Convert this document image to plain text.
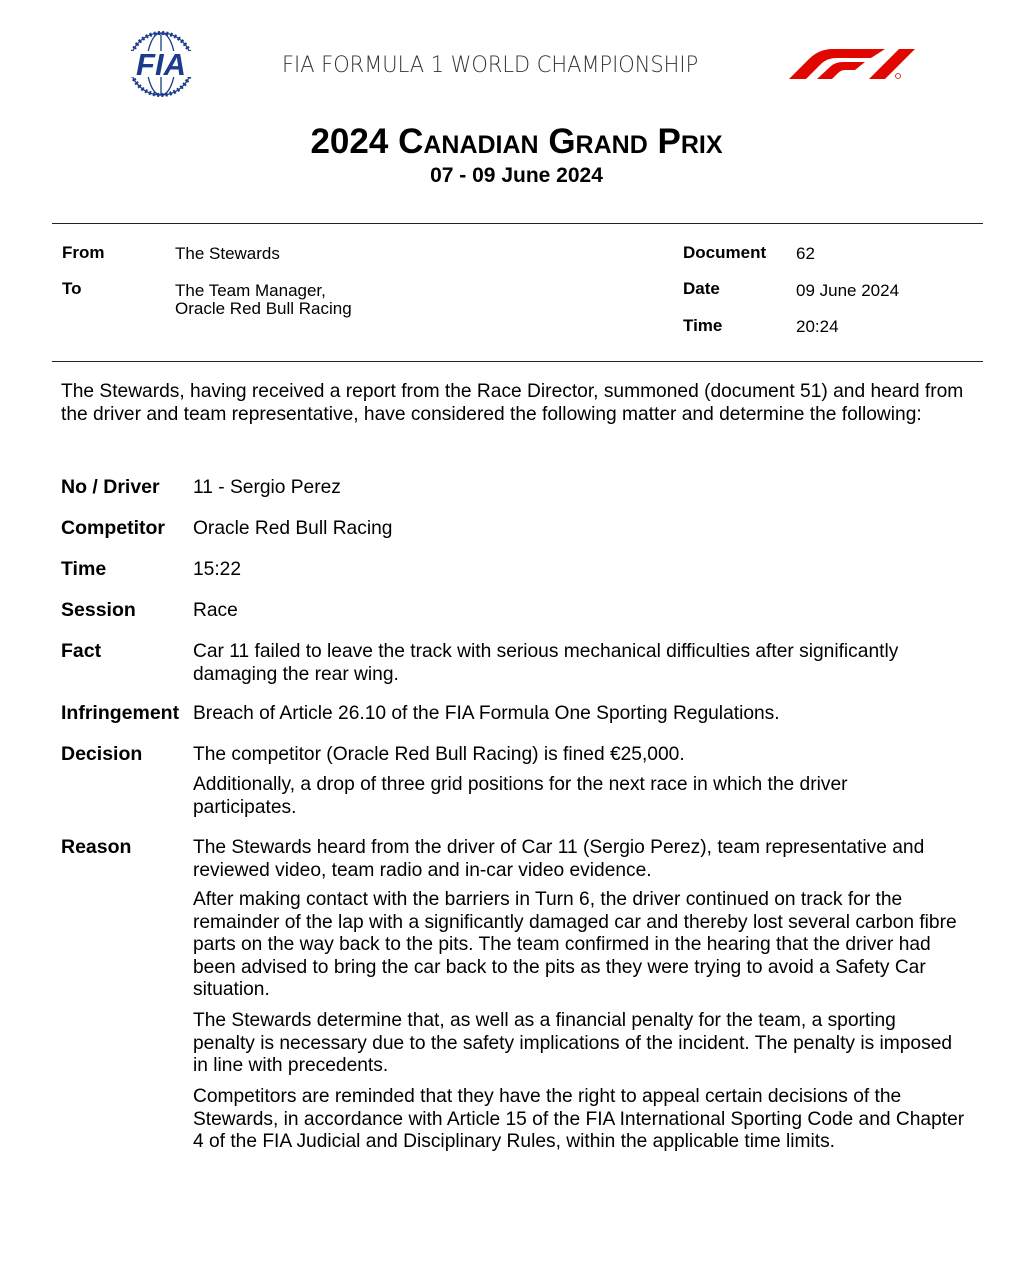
FIA	FIA FORMULA 1 WORLD CHAMPIONSHIP
2024 Canadian Grand Prix
07 - 09 June 2024
From	The Stewards
To	The Team Manager,
Oracle Red Bull Racing
Document 62
Date	09 June 2024
Time	20:24
The Stewards, having received a report from the Race Director, summoned (document 51) and heard from the driver and team representative, have considered the following matter and determine the following:
No / Driver 11 - Sergio Perez
Competitor Oracle Red Bull Racing
Time	15:22
Session	Race
Fact	Car 11 failed to leave the track with serious mechanical difficulties after significantly damaging the rear wing.
Infringement Breach of Article 26.10 of the FIA Formula One Sporting Regulations.
Decision	The competitor (Oracle Red Bull Racing) is fined €25,000.
Additionally, a drop of three grid positions for the next race in which the driver participates.
Reason	The Stewards heard from the driver of Car 11 (Sergio Perez), team representative and reviewed video, team radio and in-car video evidence.
After making contact with the barriers in Turn 6, the driver continued on track for the remainder of the lap with a significantly damaged car and thereby lost several carbon fibre parts on the way back to the pits. The team confirmed in the hearing that the driver had been advised to bring the car back to the pits as they were trying to avoid a Safety Car situation.
The Stewards determine that, as well as a financial penalty for the team, a sporting penalty is necessary due to the safety implications of the incident. The penalty is imposed in line with precedents.
Competitors are reminded that they have the right to appeal certain decisions of the Stewards, in accordance with Article 15 of the FIA International Sporting Code and Chapter 4 of the FIA Judicial and Disciplinary Rules, within the applicable time limits.
